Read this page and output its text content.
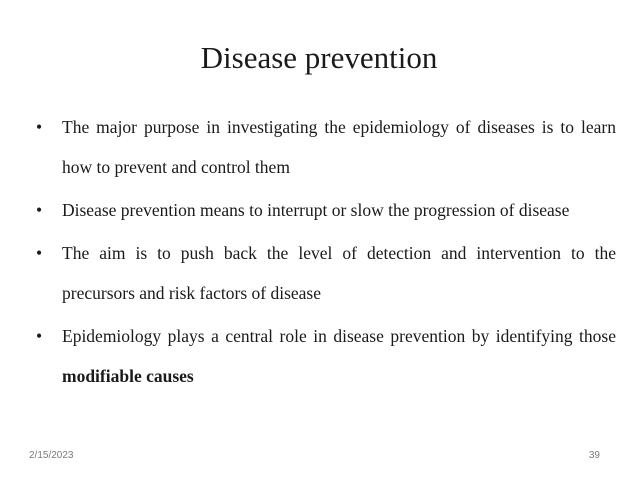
Disease prevention
• The major purpose in investigating the epidemiology of diseases is to learn how to prevent and control them
• Disease prevention means to interrupt or slow the progression of disease
• The aim is to push back the level of detection and intervention to the precursors and risk factors of disease
• Epidemiology plays a central role in disease prevention by identifying those modifiable causes
2/15/2023	39
